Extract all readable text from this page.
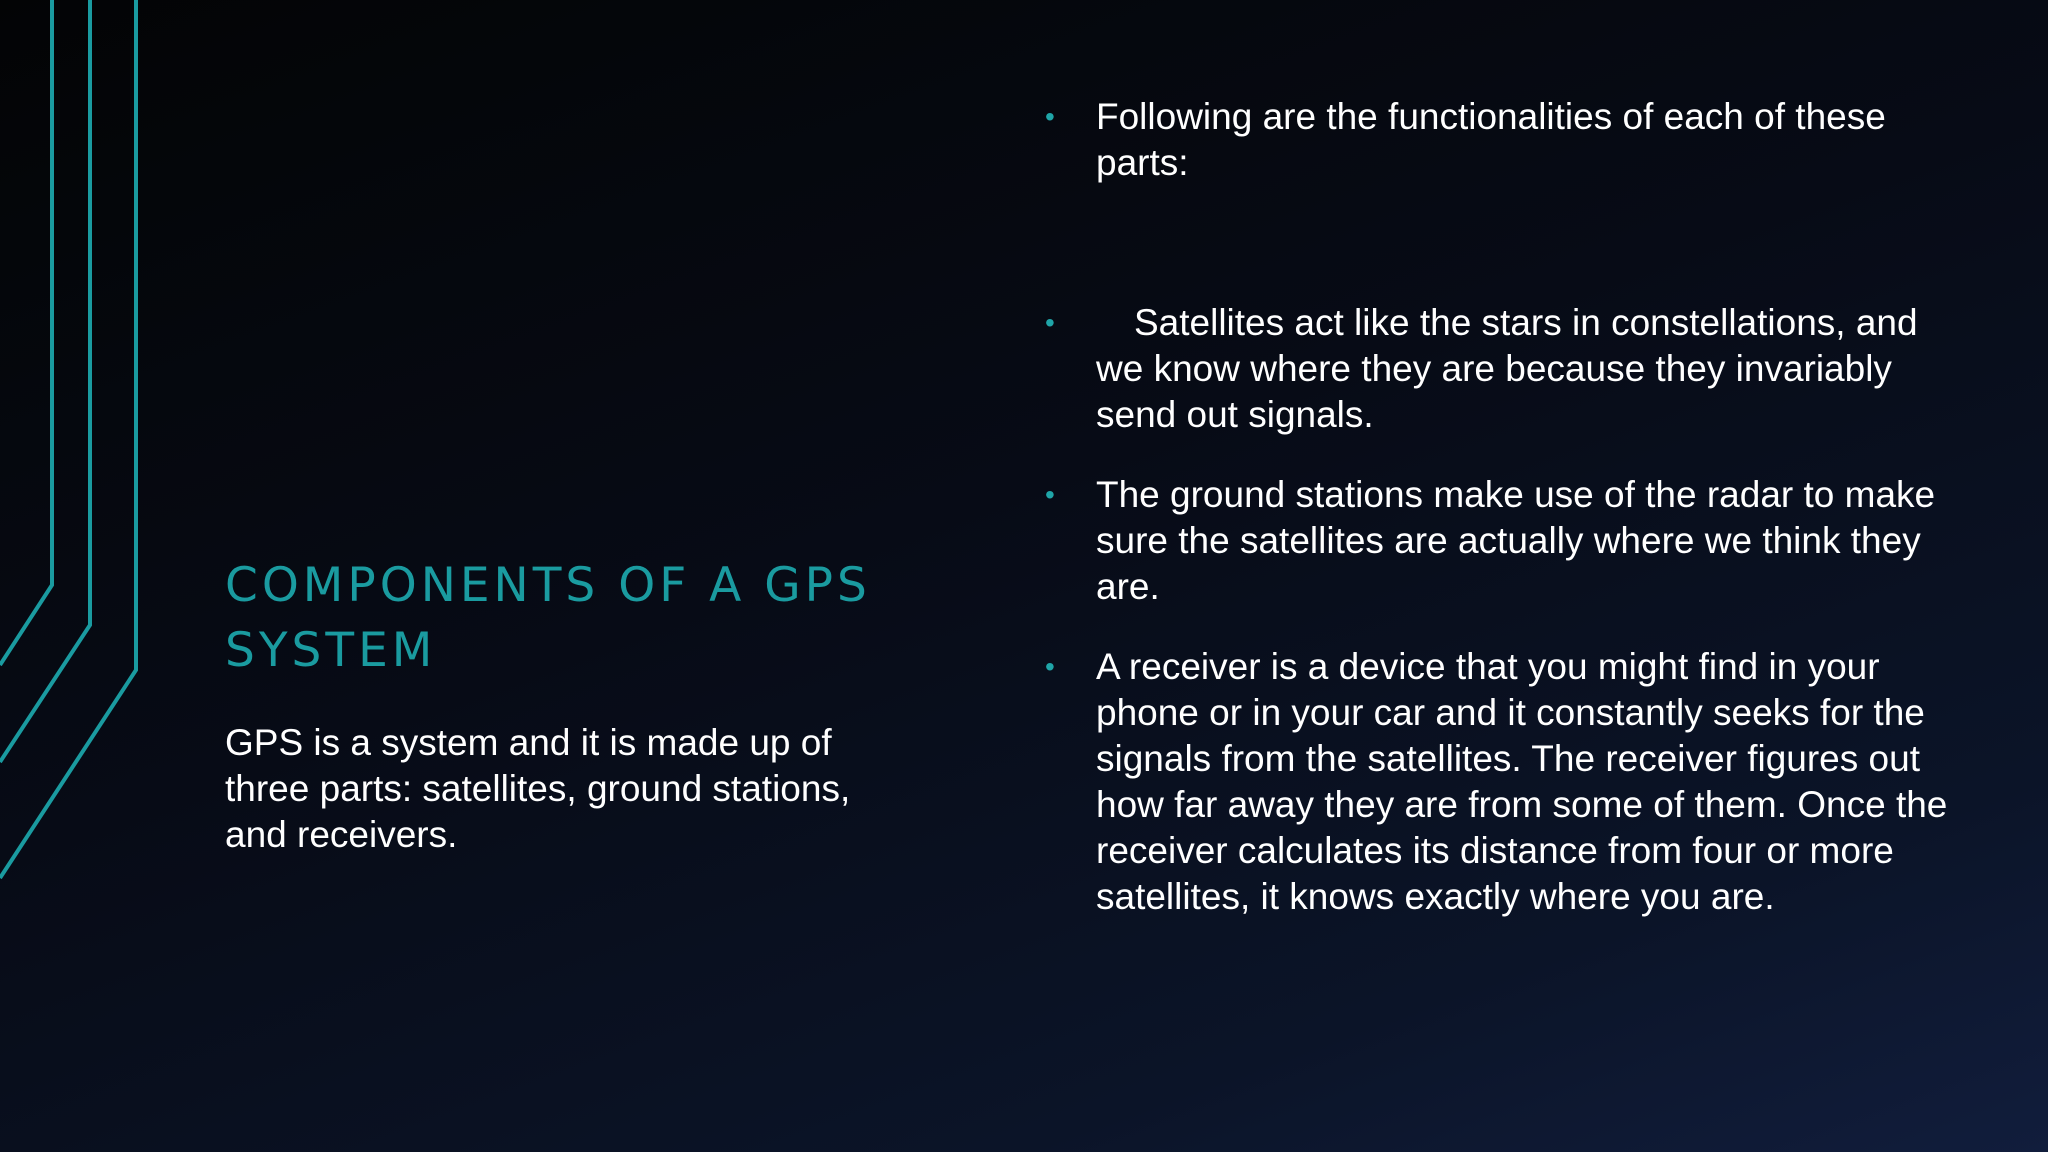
COMPONENTS OF A GPS SYSTEM

GPS is a system and it is made up of three parts: satellites, ground stations, and receivers.

• Following are the functionalities of each of these parts:
• Satellites act like the stars in constellations, and we know where they are because they invariably send out signals.
• The ground stations make use of the radar to make sure the satellites are actually where we think they are.
• A receiver is a device that you might find in your phone or in your car and it constantly seeks for the signals from the satellites. The receiver figures out how far away they are from some of them. Once the receiver calculates its distance from four or more satellites, it knows exactly where you are.
